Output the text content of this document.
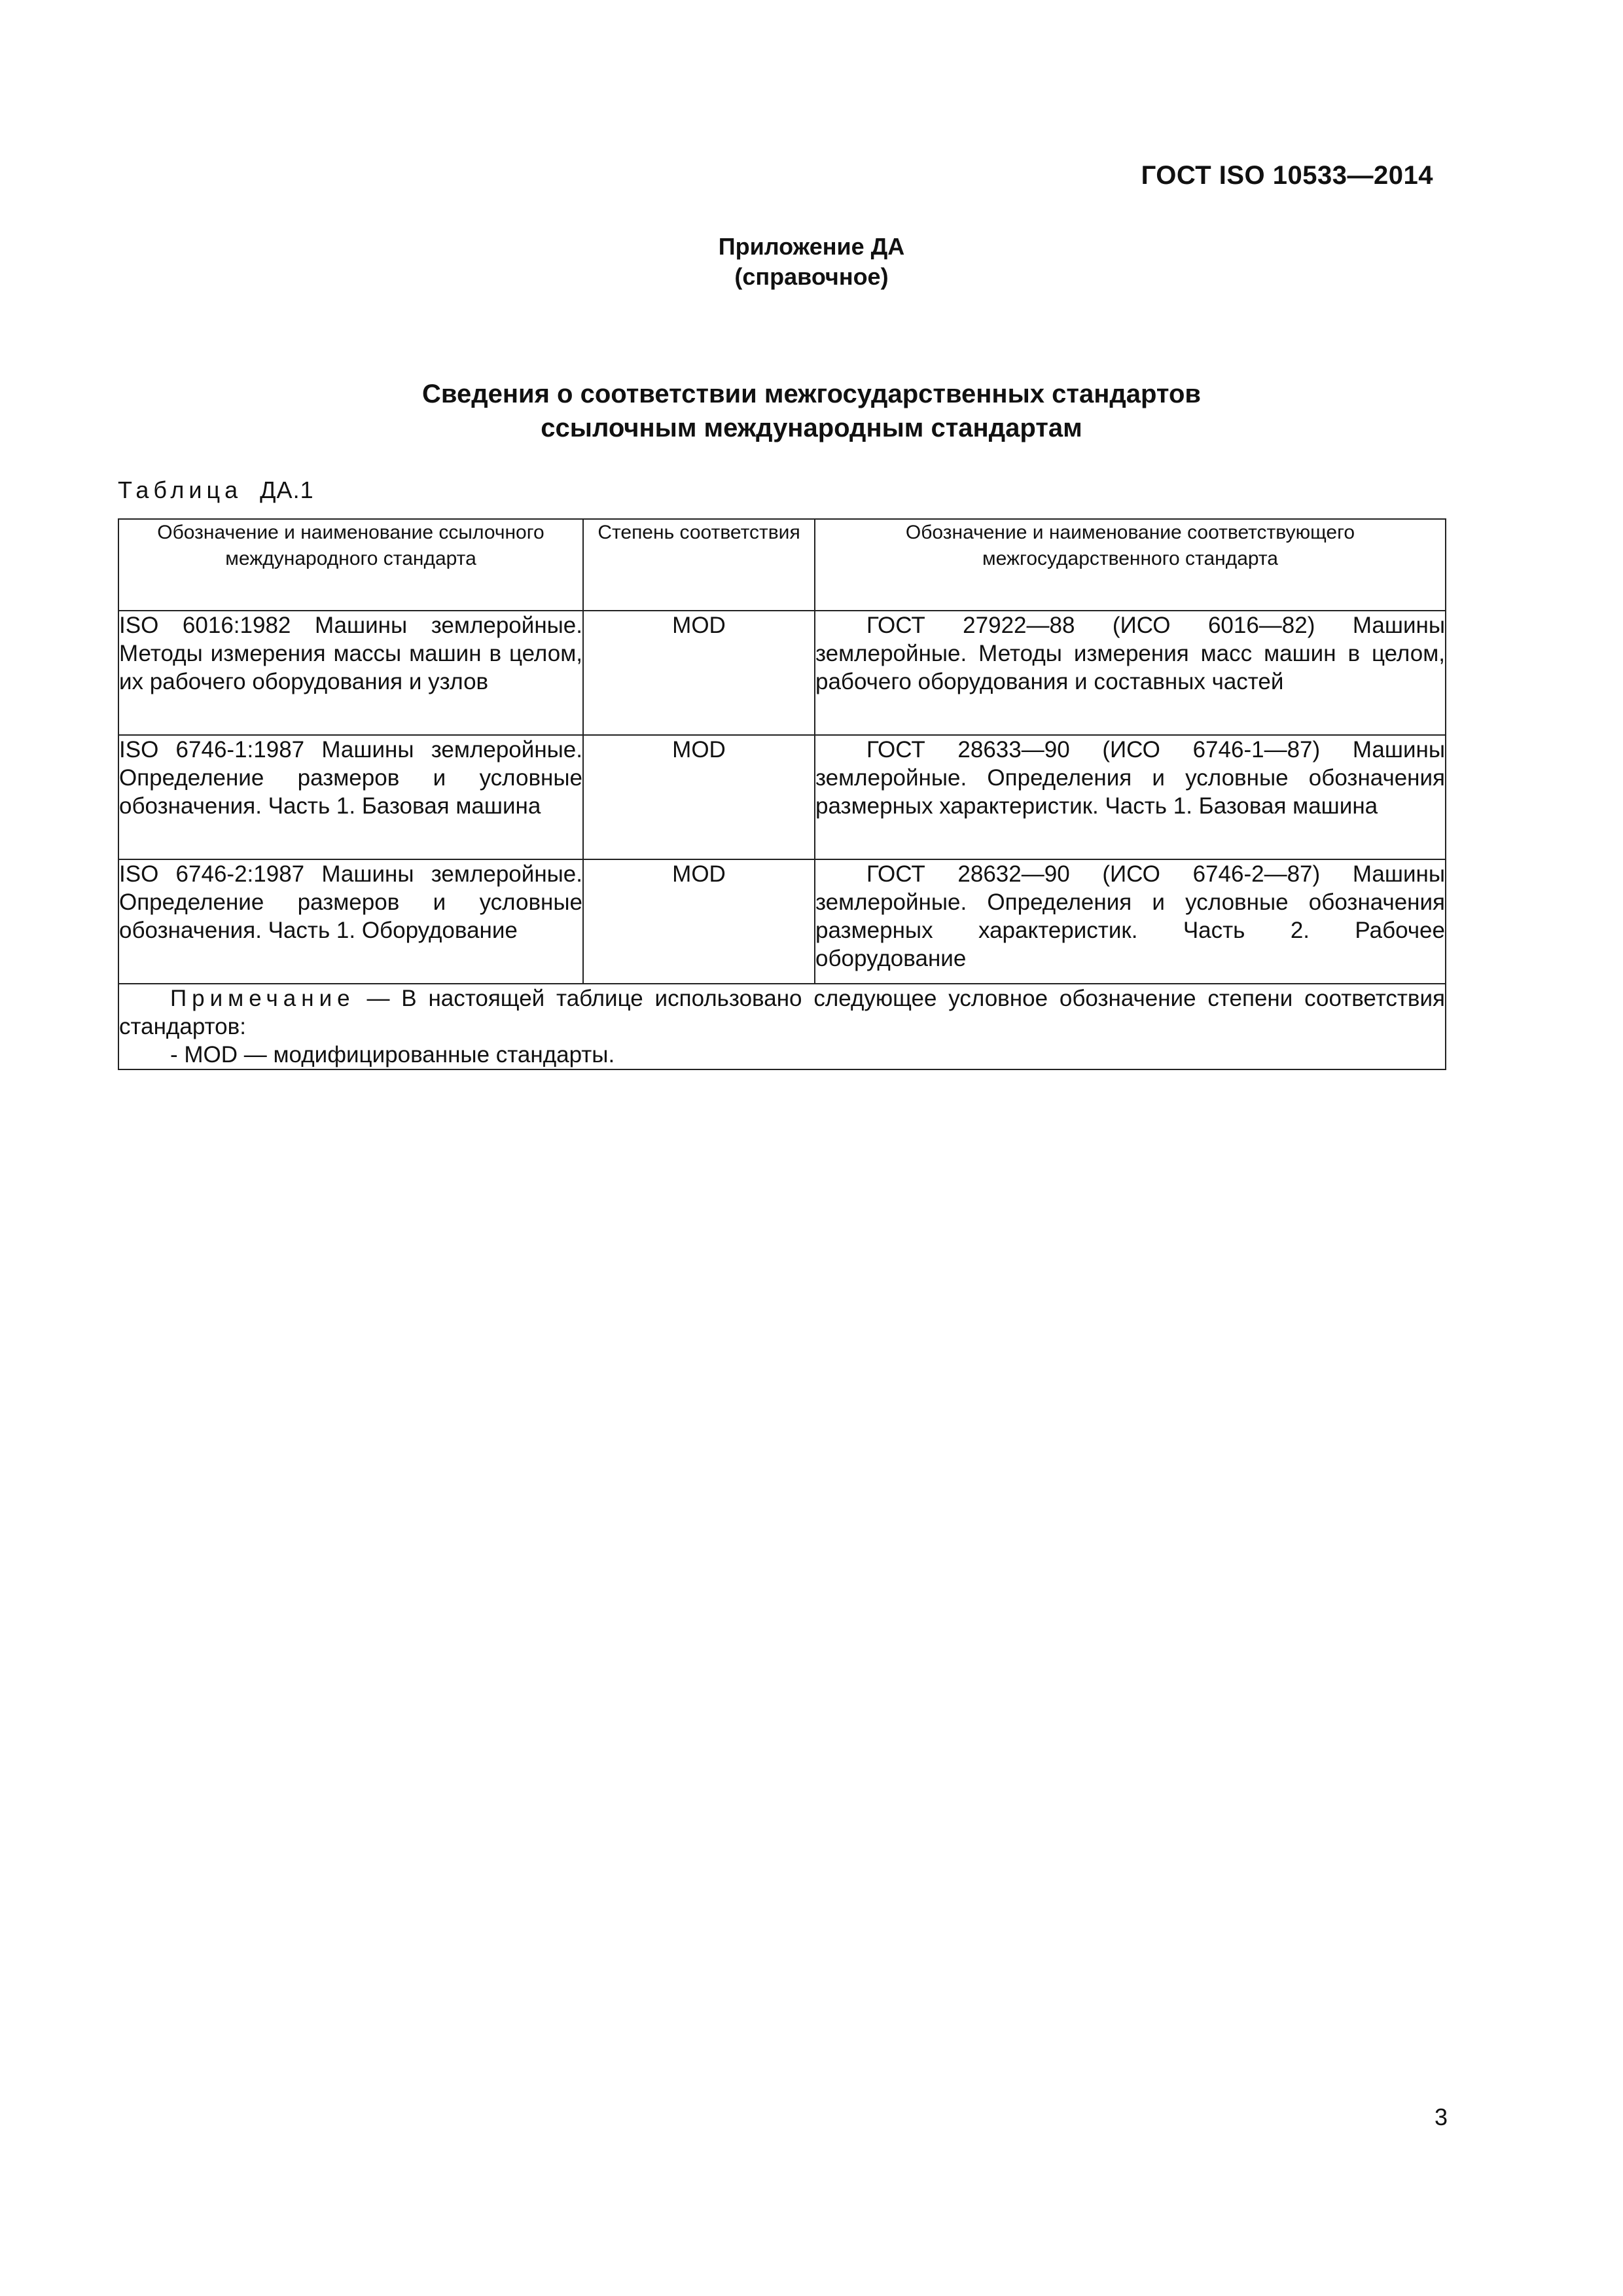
ГОСТ ISO 10533—2014
Приложение ДА
(справочное)
Сведения о соответствии межгосударственных стандартов
ссылочным международным стандартам
Таблица ДА.1
Обозначение и наименование ссылочного международного стандарта	Степень соответствия	Обозначение и наименование соответствующего межгосударственного стандарта
ISO 6016:1982 Машины землеройные. Методы измерения массы машин в целом, их рабочего оборудования и узлов	MOD	ГОСТ 27922—88 (ИСО 6016—82) Машины землеройные. Методы измерения масс машин в целом, рабочего оборудования и составных частей
ISO 6746-1:1987 Машины землеройные. Определение размеров и условные обозначения. Часть 1. Базовая машина	MOD	ГОСТ 28633—90 (ИСО 6746-1—87) Машины землеройные. Определения и условные обозначения размерных характеристик. Часть 1. Базовая машина
ISO 6746-2:1987 Машины землеройные. Определение размеров и условные обозначения. Часть 1. Оборудование	MOD	ГОСТ 28632—90 (ИСО 6746-2—87) Машины землеройные. Определения и условные обозначения размерных характеристик. Часть 2. Рабочее оборудование

Примечание — В настоящей таблице использовано следующее условное обозначение степени соответствия стандартов:
- MOD — модифицированные стандарты.		
3
